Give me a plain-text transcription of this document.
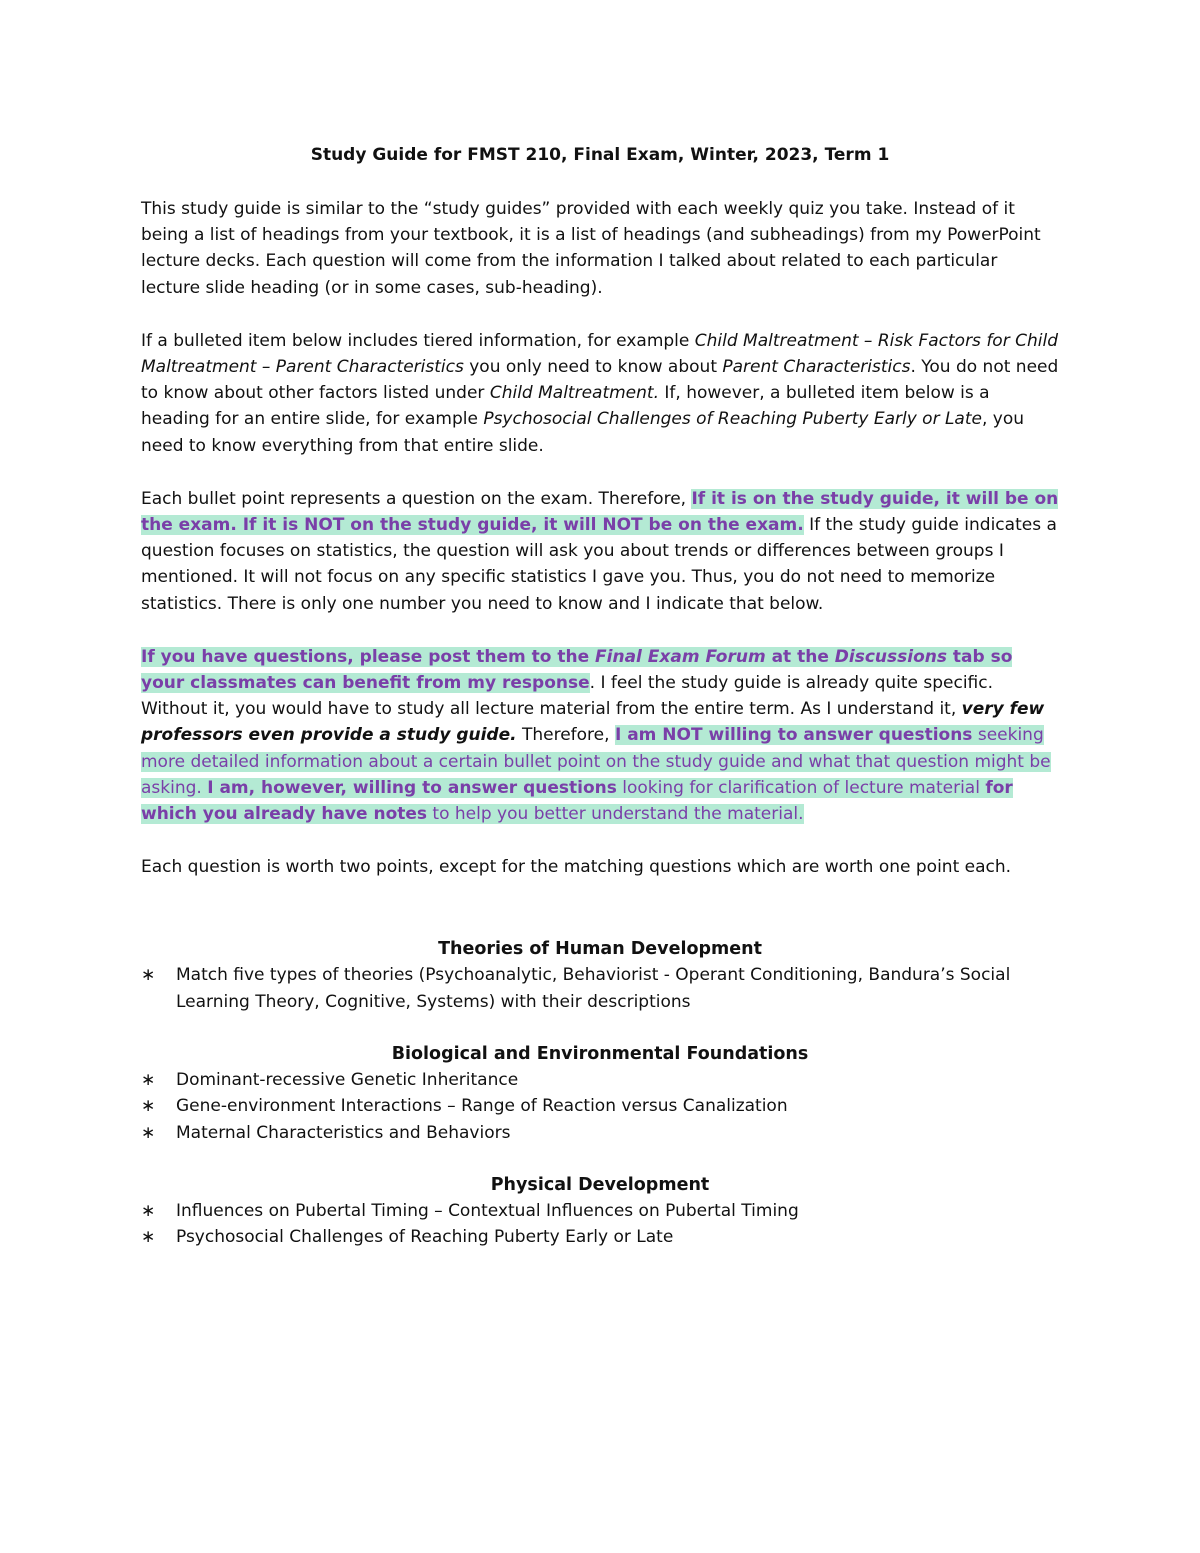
Study Guide for FMST 210, Final Exam, Winter, 2023, Term 1

This study guide is similar to the “study guides” provided with each weekly quiz you take. Instead of it being a list of headings from your textbook, it is a list of headings (and subheadings) from my PowerPoint lecture decks. Each question will come from the information I talked about related to each particular lecture slide heading (or in some cases, sub-heading).

If a bulleted item below includes tiered information, for example Child Maltreatment – Risk Factors for Child Maltreatment – Parent Characteristics you only need to know about Parent Characteristics. You do not need to know about other factors listed under Child Maltreatment. If, however, a bulleted item below is a heading for an entire slide, for example Psychosocial Challenges of Reaching Puberty Early or Late, you need to know everything from that entire slide.

Each bullet point represents a question on the exam. Therefore, If it is on the study guide, it will be on the exam. If it is NOT on the study guide, it will NOT be on the exam. If the study guide indicates a question focuses on statistics, the question will ask you about trends or differences between groups I mentioned. It will not focus on any specific statistics I gave you. Thus, you do not need to memorize statistics. There is only one number you need to know and I indicate that below.

If you have questions, please post them to the Final Exam Forum at the Discussions tab so your classmates can benefit from my response. I feel the study guide is already quite specific. Without it, you would have to study all lecture material from the entire term. As I understand it, very few professors even provide a study guide. Therefore, I am NOT willing to answer questions seeking more detailed information about a certain bullet point on the study guide and what that question might be asking. I am, however, willing to answer questions looking for clarification of lecture material for which you already have notes to help you better understand the material.

Each question is worth two points, except for the matching questions which are worth one point each.

Theories of Human Development
∗ Match five types of theories (Psychoanalytic, Behaviorist - Operant Conditioning, Bandura’s Social Learning Theory, Cognitive, Systems) with their descriptions
Biological and Environmental Foundations
∗ Dominant-recessive Genetic Inheritance
∗ Gene-environment Interactions – Range of Reaction versus Canalization
∗ Maternal Characteristics and Behaviors
Physical Development
∗ Influences on Pubertal Timing – Contextual Influences on Pubertal Timing
∗ Psychosocial Challenges of Reaching Puberty Early or Late
